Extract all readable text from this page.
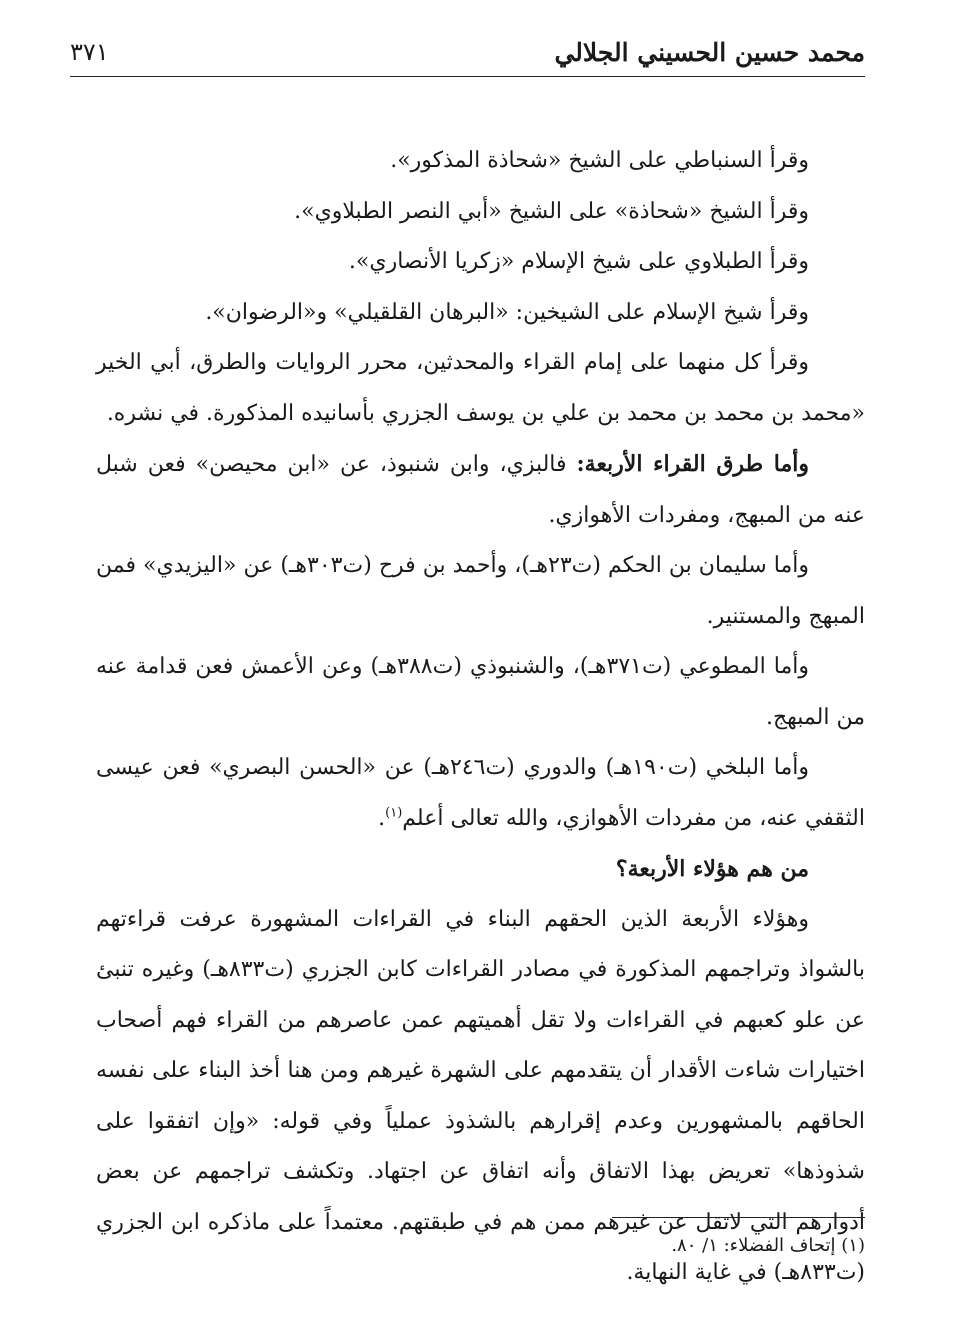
محمد حسين الحسيني الجلالي
٣٧١

وقرأ السنباطي على الشيخ «شحاذة المذكور».

وقرأ الشيخ «شحاذة» على الشيخ «أبي النصر الطبلاوي».

وقرأ الطبلاوي على شيخ الإسلام «زكريا الأنصاري».

وقرأ شيخ الإسلام على الشيخين: «البرهان القلقيلي» و«الرضوان».

وقرأ كل منهما على إمام القراء والمحدثين، محرر الروايات والطرق، أبي الخير «محمد بن محمد بن محمد بن علي بن يوسف الجزري بأسانيده المذكورة. في نشره.

وأما طرق القراء الأربعة: فالبزي، وابن شنبوذ، عن «ابن محيصن» فعن شبل عنه من المبهج، ومفردات الأهوازي.

وأما سليمان بن الحكم (ت٢٣هـ)، وأحمد بن فرح (ت٣٠٣هـ) عن «اليزيدي» فمن المبهج والمستنير.

وأما المطوعي (ت٣٧١هـ)، والشنبوذي (ت٣٨٨هـ) وعن الأعمش فعن قدامة عنه من المبهج.

وأما البلخي (ت١٩٠هـ) والدوري (ت٢٤٦هـ) عن «الحسن البصري» فعن عيسى الثقفي عنه، من مفردات الأهوازي، والله تعالى أعلم$^{(١)}$.

من هم هؤلاء الأربعة؟

وهؤلاء الأربعة الذين الحقهم البناء في القراءات المشهورة عرفت قراءتهم بالشواذ وتراجمهم المذكورة في مصادر القراءات كابن الجزري (ت٨٣٣هـ) وغيره تنبئ عن علو كعبهم في القراءات ولا تقل أهميتهم عمن عاصرهم من القراء فهم أصحاب اختيارات شاءت الأقدار أن يتقدمهم على الشهرة غيرهم ومن هنا أخذ البناء على نفسه الحاقهم بالمشهورين وعدم إقرارهم بالشذوذ عملياً وفي قوله: «وإن اتفقوا على شذوذها» تعريض بهذا الاتفاق وأنه اتفاق عن اجتهاد. وتكشف تراجمهم عن بعض أدوارهم التي لاتقل عن غيرهم ممن هم في طبقتهم. معتمداً على ماذكره ابن الجزري (ت٨٣٣هـ) في غاية النهاية.

(١) إتحاف الفضلاء: ١/ ٨٠.
